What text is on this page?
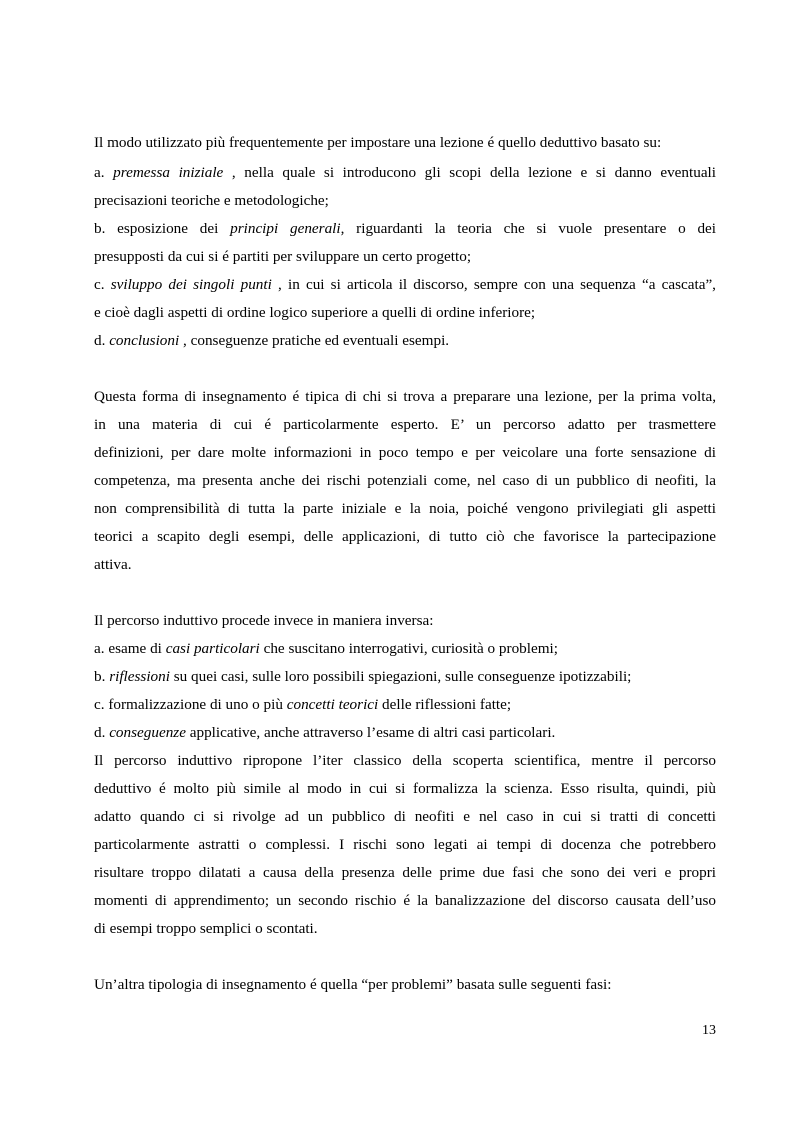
Il modo utilizzato più frequentemente per impostare una lezione é quello deduttivo basato su:
a. premessa iniziale , nella quale si introducono gli scopi della lezione e si danno eventuali
precisazioni teoriche e metodologiche;
b. esposizione dei principi generali, riguardanti la teoria che si vuole presentare o dei
presupposti da cui si é partiti per sviluppare un certo progetto;
c. sviluppo dei singoli punti , in cui si articola il discorso, sempre con una sequenza “a cascata”,
e cioè dagli aspetti di ordine logico superiore a quelli di ordine inferiore;
d. conclusioni , conseguenze pratiche ed eventuali esempi.
Questa forma di insegnamento é tipica di chi si trova a preparare una lezione, per la prima volta,
in una materia di cui é particolarmente esperto. E’ un percorso adatto per trasmettere
definizioni, per dare molte informazioni in poco tempo e per veicolare una forte sensazione di
competenza, ma presenta anche dei rischi potenziali come, nel caso di un pubblico di neofiti, la
non comprensibilità di tutta la parte iniziale e la noia, poiché vengono privilegiati gli aspetti
teorici a scapito degli esempi, delle applicazioni, di tutto ciò che favorisce la partecipazione
attiva.
Il percorso induttivo procede invece in maniera inversa:
a. esame di casi particolari che suscitano interrogativi, curiosità o problemi;
b. riflessioni su quei casi, sulle loro possibili spiegazioni, sulle conseguenze ipotizzabili;
c. formalizzazione di uno o più concetti teorici delle riflessioni fatte;
d. conseguenze applicative, anche attraverso l’esame di altri casi particolari.
Il percorso induttivo ripropone l’iter classico della scoperta scientifica, mentre il percorso
deduttivo é molto più simile al modo in cui si formalizza la scienza. Esso risulta, quindi, più
adatto quando ci si rivolge ad un pubblico di neofiti e nel caso in cui si tratti di concetti
particolarmente astratti o complessi. I rischi sono legati ai tempi di docenza che potrebbero
risultare troppo dilatati a causa della presenza delle prime due fasi che sono dei veri e propri
momenti di apprendimento; un secondo rischio é la banalizzazione del discorso causata dell’uso
di esempi troppo semplici o scontati.
Un’altra tipologia di insegnamento é quella “per problemi” basata sulle seguenti fasi:
13
